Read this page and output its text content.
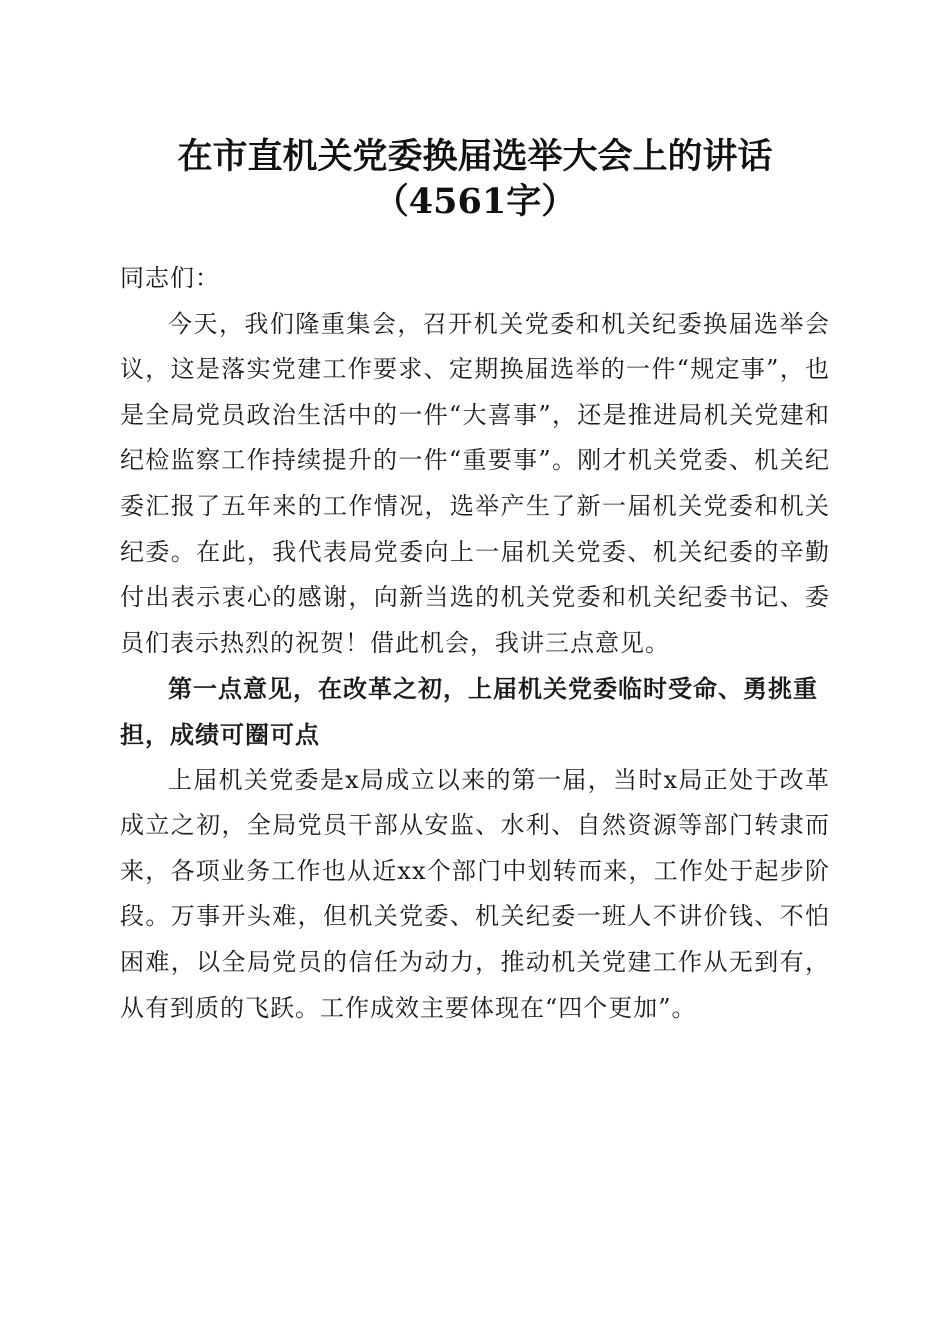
在市直机关党委换届选举大会上的讲话（4561字）

同志们：

今天，我们隆重集会，召开机关党委和机关纪委换届选举会议，这是落实党建工作要求、定期换届选举的一件“规定事”，也是全局党员政治生活中的一件“大喜事”，还是推进局机关党建和纪检监察工作持续提升的一件“重要事”。刚才机关党委、机关纪委汇报了五年来的工作情况，选举产生了新一届机关党委和机关纪委。在此，我代表局党委向上一届机关党委、机关纪委的辛勤付出表示衷心的感谢，向新当选的机关党委和机关纪委书记、委员们表示热烈的祝贺！借此机会，我讲三点意见。

第一点意见，在改革之初，上届机关党委临时受命、勇挑重担，成绩可圈可点

上届机关党委是x局成立以来的第一届，当时x局正处于改革成立之初，全局党员干部从安监、水利、自然资源等部门转隶而来，各项业务工作也从近xx个部门中划转而来，工作处于起步阶段。万事开头难，但机关党委、机关纪委一班人不讲价钱、不怕困难，以全局党员的信任为动力，推动机关党建工作从无到有，从有到质的飞跃。工作成效主要体现在“四个更加”。
